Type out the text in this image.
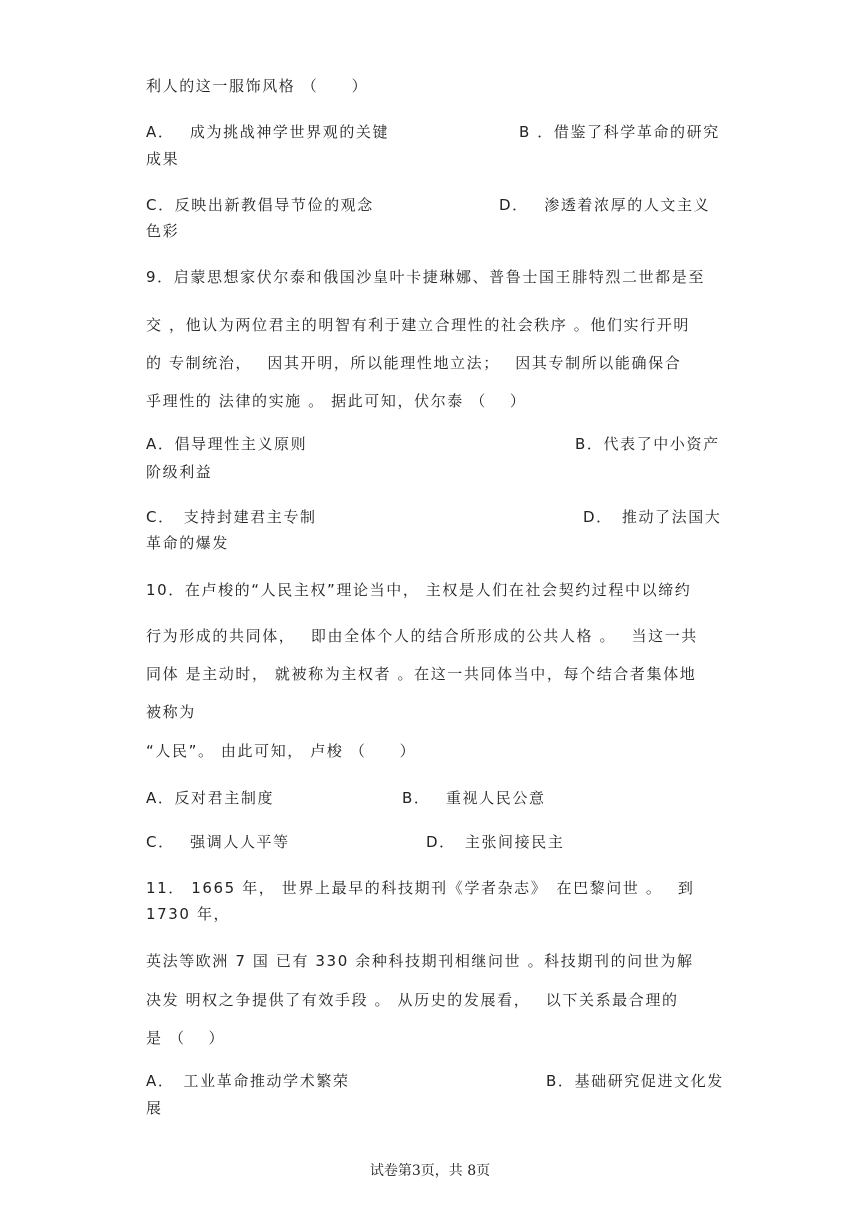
利人的这一服饰风格 （　　）
A．　 成为挑战神学世界观的关键	B ．借鉴了科学革命的研究
成果
C．反映出新教倡导节俭的观念	D．　 渗透着浓厚的人文主义
色彩
9．启蒙思想家伏尔泰和俄国沙皇叶卡捷琳娜、普鲁士国王腓特烈二世都是至
交 ，他认为两位君主的明智有利于建立合理性的社会秩序 。他们实行开明
的 专制统治，　 因其开明，所以能理性地立法；　 因其专制所以能确保合
乎理性的 法律的实施 。 据此可知，伏尔泰 （　 ）
A．倡导理性主义原则	B．代表了中小资产
阶级利益
C．　支持封建君主专制	D．　推动了法国大
革命的爆发
10．在卢梭的“人民主权”理论当中， 主权是人们在社会契约过程中以缔约
行为形成的共同体，　 即由全体个人的结合所形成的公共人格 。　 当这一共
同体 是主动时， 就被称为主权者 。在这一共同体当中，每个结合者集体地
被称为
“人民”。 由此可知， 卢梭 （　　）
A．反对君主制度	B．　 重视人民公意
C．　 强调人人平等	D．　主张间接民主
11． 1665 年， 世界上最早的科技期刊《学者杂志》　在巴黎问世 。　 到
1730 年，
英法等欧洲 7 国 已有 330 余种科技期刊相继问世 。科技期刊的问世为解
决发 明权之争提供了有效手段 。 从历史的发展看，　 以下关系最合理的
是 （　 ）
A．　工业革命推动学术繁荣	B．基础研究促进文化发
展
试卷第3页，共 8页
